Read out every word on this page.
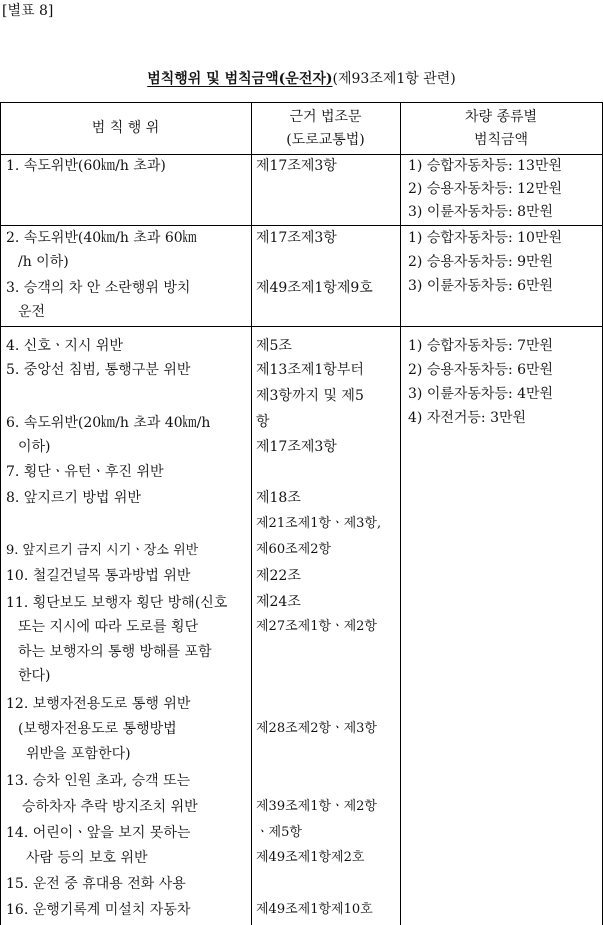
[별표 8]
범칙행위 및 범칙금액(운전자)(제93조제1항 관련)
범 칙 행 위
근거 법조문
(도로교통법)
차량 종류별
범칙금액
1. 속도위반(60㎞/h 초과)	제17조제3항	1) 승합자동차등: 13만원
2) 승용자동차등: 12만원
3) 이륜자동차등: 8만원
2. 속도위반(40㎞/h 초과 60㎞
/h 이하)
3. 승객의 차 안 소란행위 방치
운전
제17조제3항
제49조제1항제9호
1) 승합자동차등: 10만원
2) 승용자동차등: 9만원
3) 이륜자동차등: 6만원
4. 신호ㆍ지시 위반
5. 중앙선 침범, 통행구분 위반
6. 속도위반(20㎞/h 초과 40㎞/h
이하)
7. 횡단ㆍ유턴ㆍ후진 위반
8. 앞지르기 방법 위반
9. 앞지르기 금지 시기ㆍ장소 위반
10. 철길건널목 통과방법 위반
11. 횡단보도 보행자 횡단 방해(신호
또는 지시에 따라 도로를 횡단
하는 보행자의 통행 방해를 포함
한다)
12. 보행자전용도로 통행 위반
(보행자전용도로 통행방법
위반을 포함한다)
13. 승차 인원 초과, 승객 또는
승하차자 추락 방지조치 위반
14. 어린이ㆍ앞을 보지 못하는
사람 등의 보호 위반
15. 운전 중 휴대용 전화 사용
16. 운행기록계 미설치 자동차
제5조
제13조제1항부터
제3항까지 및 제5
항
제17조제3항
제18조
제21조제1항ㆍ제3항,
제60조제2항
제22조
제24조
제27조제1항ㆍ제2항
제28조제2항ㆍ제3항
제39조제1항ㆍ제2항
ㆍ제5항
제49조제1항제2호
제49조제1항제10호
1) 승합자동차등: 7만원
2) 승용자동차등: 6만원
3) 이륜자동차등: 4만원
4) 자전거등: 3만원
